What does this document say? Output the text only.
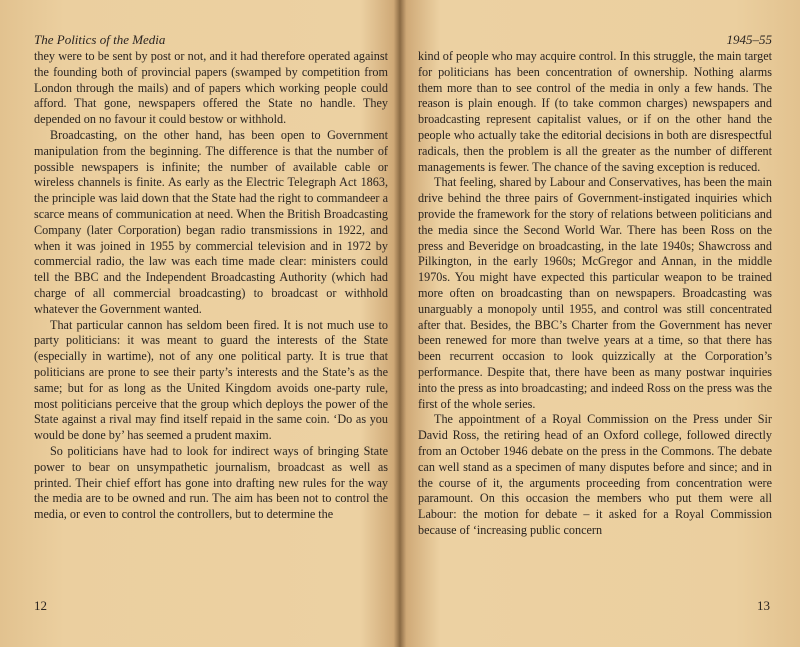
The Politics of the Media

they were to be sent by post or not, and it had therefore operated against the founding both of provincial papers (swamped by competition from London through the mails) and of papers which working people could afford. That gone, newspapers offered the State no handle. They depended on no favour it could bestow or withhold.

Broadcasting, on the other hand, has been open to Government manipulation from the beginning. The difference is that the number of possible newspapers is infinite; the number of available cable or wireless channels is finite. As early as the Electric Telegraph Act 1863, the principle was laid down that the State had the right to commandeer a scarce means of communication at need. When the British Broadcasting Company (later Corporation) began radio transmissions in 1922, and when it was joined in 1955 by commercial television and in 1972 by commercial radio, the law was each time made clear: ministers could tell the BBC and the Independent Broadcasting Authority (which had charge of all commercial broadcasting) to broadcast or withhold whatever the Government wanted.

That particular cannon has seldom been fired. It is not much use to party politicians: it was meant to guard the interests of the State (especially in wartime), not of any one political party. It is true that politicians are prone to see their party’s interests and the State’s as the same; but for as long as the United Kingdom avoids one-party rule, most politicians perceive that the group which deploys the power of the State against a rival may find itself repaid in the same coin. ‘Do as you would be done by’ has seemed a prudent maxim.

So politicians have had to look for indirect ways of bringing State power to bear on unsympathetic journalism, broadcast as well as printed. Their chief effort has gone into drafting new rules for the way the media are to be owned and run. The aim has been not to control the media, or even to control the controllers, but to determine the

12
1945–55

kind of people who may acquire control. In this struggle, the main target for politicians has been concentration of ownership. Nothing alarms them more than to see control of the media in only a few hands. The reason is plain enough. If (to take common charges) newspapers and broadcasting represent capitalist values, or if on the other hand the people who actually take the editorial decisions in both are disrespectful radicals, then the problem is all the greater as the number of different managements is fewer. The chance of the saving exception is reduced.

That feeling, shared by Labour and Conservatives, has been the main drive behind the three pairs of Government-instigated inquiries which provide the framework for the story of relations between politicians and the media since the Second World War. There has been Ross on the press and Beveridge on broadcasting, in the late 1940s; Shawcross and Pilkington, in the early 1960s; McGregor and Annan, in the middle 1970s. You might have expected this particular weapon to be trained more often on broadcasting than on newspapers. Broadcasting was unarguably a monopoly until 1955, and control was still concentrated after that. Besides, the BBC’s Charter from the Government has never been renewed for more than twelve years at a time, so that there has been recurrent occasion to look quizzically at the Corporation’s performance. Despite that, there have been as many postwar inquiries into the press as into broadcasting; and indeed Ross on the press was the first of the whole series.

The appointment of a Royal Commission on the Press under Sir David Ross, the retiring head of an Oxford college, followed directly from an October 1946 debate on the press in the Commons. The debate can well stand as a specimen of many disputes before and since; and in the course of it, the arguments proceeding from concentration were paramount. On this occasion the members who put them were all Labour: the motion for debate – it asked for a Royal Commission because of ‘increasing public concern

13
